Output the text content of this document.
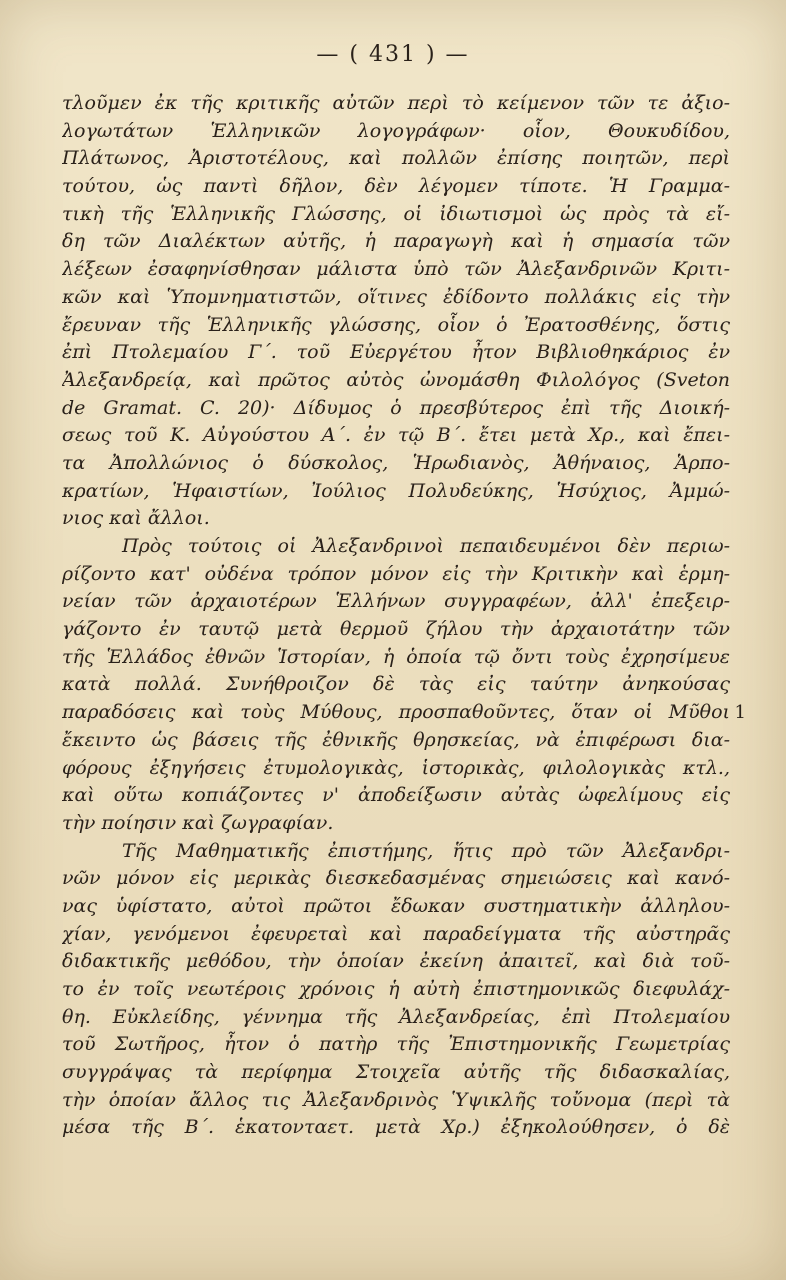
— ( 431 ) —
τλοῦμεν ἐκ τῆς κριτικῆς αὐτῶν περὶ τὸ κείμενον τῶν τε ἀξιο-
λογωτάτων Ἑλληνικῶν λογογράφων· οἷον, Θουκυδίδου,
Πλάτωνος, Ἀριστοτέλους, καὶ πολλῶν ἐπίσης ποιητῶν, περὶ
τούτου, ὡς παντὶ δῆλον, δὲν λέγομεν τίποτε. Ἡ Γραμμα-
τικὴ τῆς Ἑλληνικῆς Γλώσσης, οἱ ἰδιωτισμοὶ ὡς πρὸς τὰ εἴ-
δη τῶν Διαλέκτων αὐτῆς, ἡ παραγωγὴ καὶ ἡ σημασία τῶν
λέξεων ἐσαφηνίσθησαν μάλιστα ὑπὸ τῶν Ἀλεξανδρινῶν Κριτι-
κῶν καὶ Ὑπομνηματιστῶν, οἵτινες ἐδίδοντο πολλάκις εἰς τὴν
ἔρευναν τῆς Ἑλληνικῆς γλώσσης, οἷον ὁ Ἐρατοσθένης, ὅστις
ἐπὶ Πτολεμαίου Γ΄. τοῦ Εὐεργέτου ἦτον Βιβλιοθηκάριος ἐν
Ἀλεξανδρείᾳ, καὶ πρῶτος αὐτὸς ὠνομάσθη Φιλολόγος (Sveton
de Gramat. C. 20)· Δίδυμος ὁ πρεσβύτερος ἐπὶ τῆς Διοική-
σεως τοῦ Κ. Αὐγούστου Α΄. ἐν τῷ Β΄. ἔτει μετὰ Χρ., καὶ ἔπει-
τα Ἀπολλώνιος ὁ δύσκολος, Ἡρωδιανὸς, Ἀθήναιος, Ἁρπο-
κρατίων, Ἡφαιστίων, Ἰούλιος Πολυδεύκης, Ἡσύχιος, Ἀμμώ-
νιος καὶ ἄλλοι.
Πρὸς τούτοις οἱ Ἀλεξανδρινοὶ πεπαιδευμένοι δὲν περιω-
ρίζοντο κατ' οὐδένα τρόπον μόνον εἰς τὴν Κριτικὴν καὶ ἑρμη-
νείαν τῶν ἀρχαιοτέρων Ἑλλήνων συγγραφέων, ἀλλ' ἐπεξειρ-
γάζοντο ἐν ταυτῷ μετὰ θερμοῦ ζήλου τὴν ἀρχαιοτάτην τῶν
τῆς Ἑλλάδος ἐθνῶν Ἱστορίαν, ἡ ὁποία τῷ ὄντι τοὺς ἐχρησίμευε
κατὰ πολλά. Συνήθροιζον δὲ τὰς εἰς ταύτην ἀνηκούσας
παραδόσεις καὶ τοὺς Μύθους, προσπαθοῦντες, ὅταν οἱ Μῦθοι
ἔκειντο ὡς βάσεις τῆς ἐθνικῆς θρησκείας, νὰ ἐπιφέρωσι δια-
φόρους ἐξηγήσεις ἐτυμολογικὰς, ἱστορικὰς, φιλολογικὰς κτλ.,
καὶ οὕτω κοπιάζοντες ν' ἀποδείξωσιν αὐτὰς ὠφελίμους εἰς
τὴν ποίησιν καὶ ζωγραφίαν.
Τῆς Μαθηματικῆς ἐπιστήμης, ἥτις πρὸ τῶν Ἀλεξανδρι-
νῶν μόνον εἰς μερικὰς διεσκεδασμένας σημειώσεις καὶ κανό-
νας ὑφίστατο, αὐτοὶ πρῶτοι ἔδωκαν συστηματικὴν ἀλληλου-
χίαν, γενόμενοι ἐφευρεταὶ καὶ παραδείγματα τῆς αὐστηρᾶς
διδακτικῆς μεθόδου, τὴν ὁποίαν ἐκείνη ἀπαιτεῖ, καὶ διὰ τοῦ-
το ἐν τοῖς νεωτέροις χρόνοις ἡ αὐτὴ ἐπιστημονικῶς διεφυλάχ-
θη. Εὐκλείδης, γέννημα τῆς Ἀλεξανδρείας, ἐπὶ Πτολεμαίου
τοῦ Σωτῆρος, ἦτον ὁ πατὴρ τῆς Ἐπιστημονικῆς Γεωμετρίας
συγγράψας τὰ περίφημα Στοιχεῖα αὐτῆς τῆς διδασκαλίας,
τὴν ὁποίαν ἄλλος τις Ἀλεξανδρινὸς Ὑψικλῆς τοὔνομα (περὶ τὰ
μέσα τῆς Β΄. ἑκατονταετ. μετὰ Χρ.) ἐξηκολούθησεν, ὁ δὲ
1
